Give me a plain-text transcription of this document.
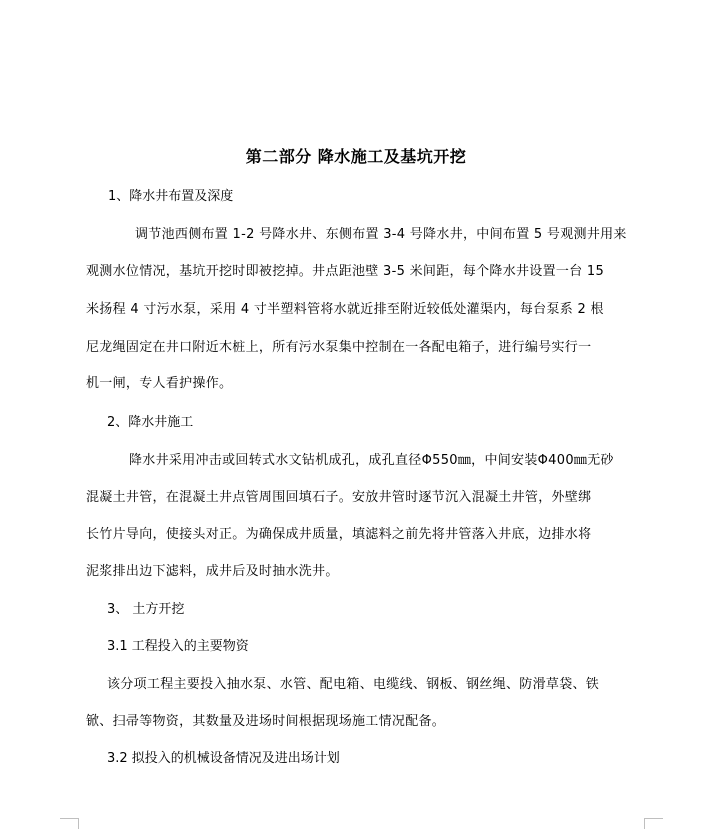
第二部分 降水施工及基坑开挖
1、降水井布置及深度
调节池西侧布置 1-2 号降水井、东侧布置 3-4 号降水井，中间布置 5 号观测井用来
观测水位情况，基坑开挖时即被挖掉。井点距池壁 3-5 米间距，每个降水井设置一台 15
米扬程 4 寸污水泵，采用 4 寸半塑料管将水就近排至附近较低处灌渠内，每台泵系 2 根
尼龙绳固定在井口附近木桩上，所有污水泵集中控制在一各配电箱子，进行编号实行一
机一闸，专人看护操作。
2、降水井施工
降水井采用冲击或回转式水文钻机成孔，成孔直径Φ550㎜，中间安装Φ400㎜无砂
混凝土井管，在混凝土井点管周围回填石子。安放井管时逐节沉入混凝土井管，外壁绑
长竹片导向，使接头对正。为确保成井质量，填滤料之前先将井管落入井底，边排水将
泥浆排出边下滤料，成井后及时抽水洗井。
3、 土方开挖
3.1 工程投入的主要物资
该分项工程主要投入抽水泵、水管、配电箱、电缆线、钢板、钢丝绳、防滑草袋、铁
锨、扫帚等物资，其数量及进场时间根据现场施工情况配备。
3.2 拟投入的机械设备情况及进出场计划
